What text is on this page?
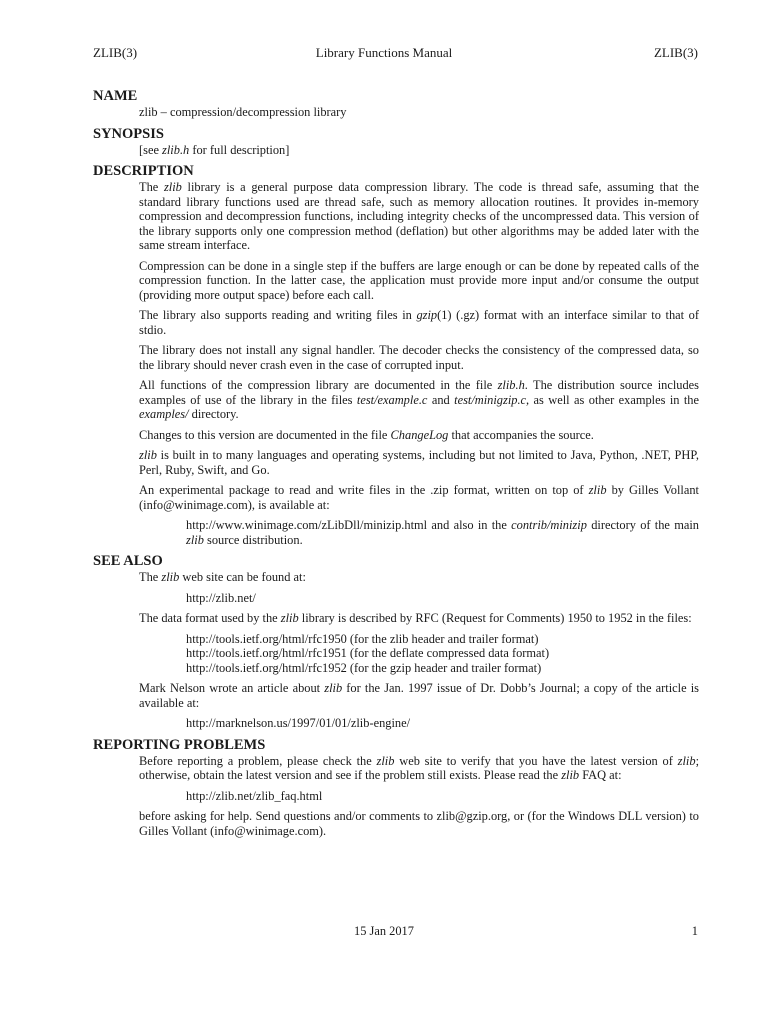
Library Functions Manual
ZLIB(3)	ZLIB(3)
NAME

zlib – compression/decompression library

SYNOPSIS

[see zlib.h for full description]

DESCRIPTION

The zlib library is a general purpose data compression library. The code is thread safe, assuming that the standard library functions used are thread safe, such as memory allocation routines. It provides in-memory compression and decompression functions, including integrity checks of the uncompressed data. This version of the library supports only one compression method (deflation) but other algorithms may be added later with the same stream interface.

Compression can be done in a single step if the buffers are large enough or can be done by repeated calls of the compression function. In the latter case, the application must provide more input and/or consume the output (providing more output space) before each call.

The library also supports reading and writing files in gzip(1) (.gz) format with an interface similar to that of stdio.

The library does not install any signal handler. The decoder checks the consistency of the compressed data, so the library should never crash even in the case of corrupted input.

All functions of the compression library are documented in the file zlib.h. The distribution source includes examples of use of the library in the files test/example.c and test/minigzip.c, as well as other examples in the examples/ directory.

Changes to this version are documented in the file ChangeLog that accompanies the source.

zlib is built in to many languages and operating systems, including but not limited to Java, Python, .NET, PHP, Perl, Ruby, Swift, and Go.

An experimental package to read and write files in the .zip format, written on top of zlib by Gilles Vollant (info@winimage.com), is available at:

http://www.winimage.com/zLibDll/minizip.html and also in the contrib/minizip directory of the main zlib source distribution.

SEE ALSO

The zlib web site can be found at:

http://zlib.net/

The data format used by the zlib library is described by RFC (Request for Comments) 1950 to 1952 in the files:

http://tools.ietf.org/html/rfc1950 (for the zlib header and trailer format)

http://tools.ietf.org/html/rfc1951 (for the deflate compressed data format)

http://tools.ietf.org/html/rfc1952 (for the gzip header and trailer format)

Mark Nelson wrote an article about zlib for the Jan. 1997 issue of Dr. Dobb’s Journal; a copy of the article is available at:

http://marknelson.us/1997/01/01/zlib-engine/

REPORTING PROBLEMS

Before reporting a problem, please check the zlib web site to verify that you have the latest version of zlib; otherwise, obtain the latest version and see if the problem still exists. Please read the zlib FAQ at:

http://zlib.net/zlib_faq.html

before asking for help. Send questions and/or comments to zlib@gzip.org, or (for the Windows DLL version) to Gilles Vollant (info@winimage.com).

15 Jan 2017	1
